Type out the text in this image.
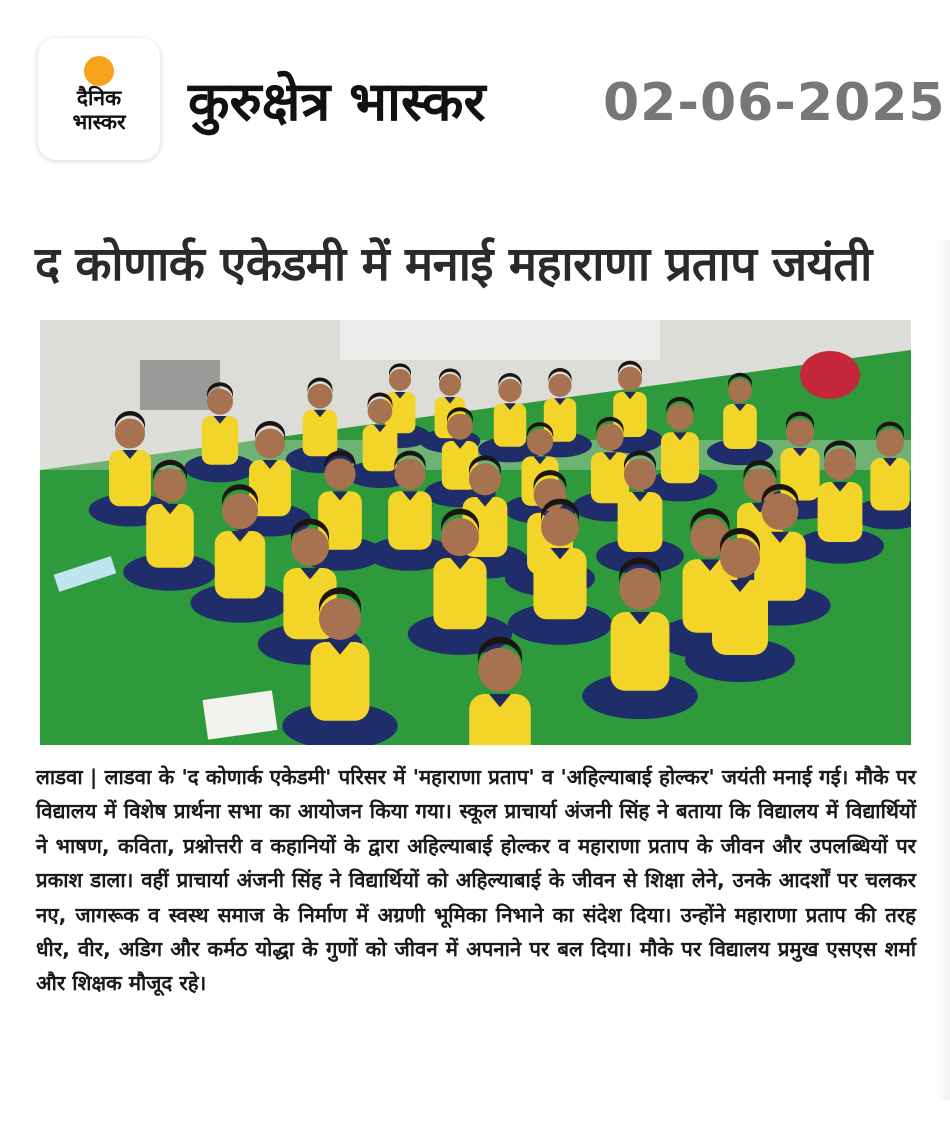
दैनिक
भास्कर	कुरुक्षेत्र भास्कर 02-06-2025
द कोणार्क एकेडमी में मनाई महाराणा प्रताप जयंती
लाडवा | लाडवा के 'द कोणार्क एकेडमी' परिसर में 'महाराणा प्रताप' व 'अहिल्याबाई होल्कर' जयंती मनाई गई। मौके पर विद्यालय में विशेष प्रार्थना सभा का आयोजन किया गया। स्कूल प्राचार्या अंजनी सिंह ने बताया कि विद्यालय में विद्यार्थियों ने भाषण, कविता, प्रश्नोत्तरी व कहानियों के द्वारा अहिल्याबाई होल्कर व महाराणा प्रताप के जीवन और उपलब्धियों पर प्रकाश डाला। वहीं प्राचार्या अंजनी सिंह ने विद्यार्थियों को अहिल्याबाई के जीवन से शिक्षा लेने, उनके आदर्शों पर चलकर नए, जागरूक व स्वस्थ समाज के निर्माण में अग्रणी भूमिका निभाने का संदेश दिया। उन्होंने महाराणा प्रताप की तरह धीर, वीर, अडिग और कर्मठ योद्धा के गुणों को जीवन में अपनाने पर बल दिया। मौके पर विद्यालय प्रमुख एसएस शर्मा और शिक्षक मौजूद रहे।
